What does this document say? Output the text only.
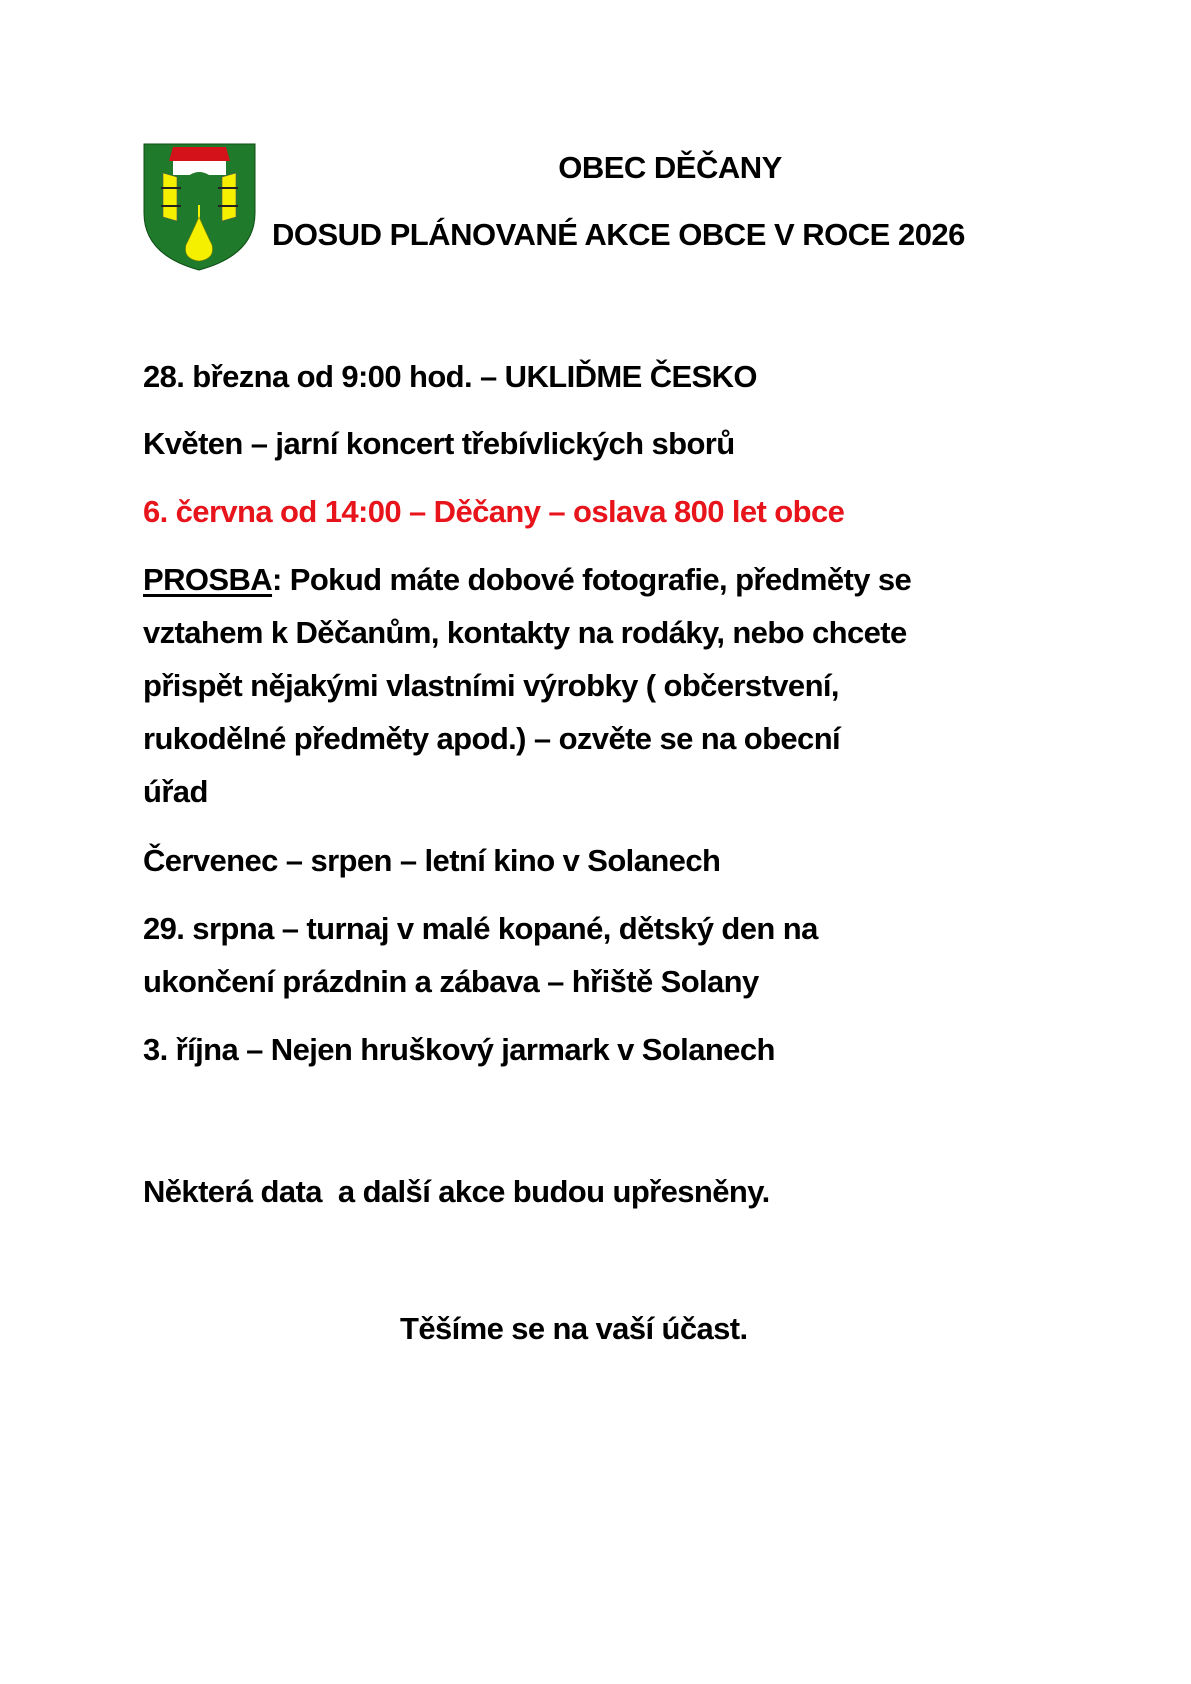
OBEC DĚČANY
DOSUD PLÁNOVANÉ AKCE OBCE V ROCE 2026
28. března od 9:00 hod. – UKLIĎME ČESKO
Květen – jarní koncert třebívlických sborů
6. června od 14:00 – Děčany – oslava 800 let obce
PROSBA: Pokud máte dobové fotografie, předměty se
vztahem k Děčanům, kontakty na rodáky, nebo chcete
přispět nějakými vlastními výrobky ( občerstvení,
rukodělné předměty apod.) – ozvěte se na obecní
úřad
Červenec – srpen – letní kino v Solanech
29. srpna – turnaj v malé kopané, dětský den na
ukončení prázdnin a zábava – hřiště Solany
3. října – Nejen hruškový jarmark v Solanech
Některá data  a další akce budou upřesněny.
Těšíme se na vaší účast.
